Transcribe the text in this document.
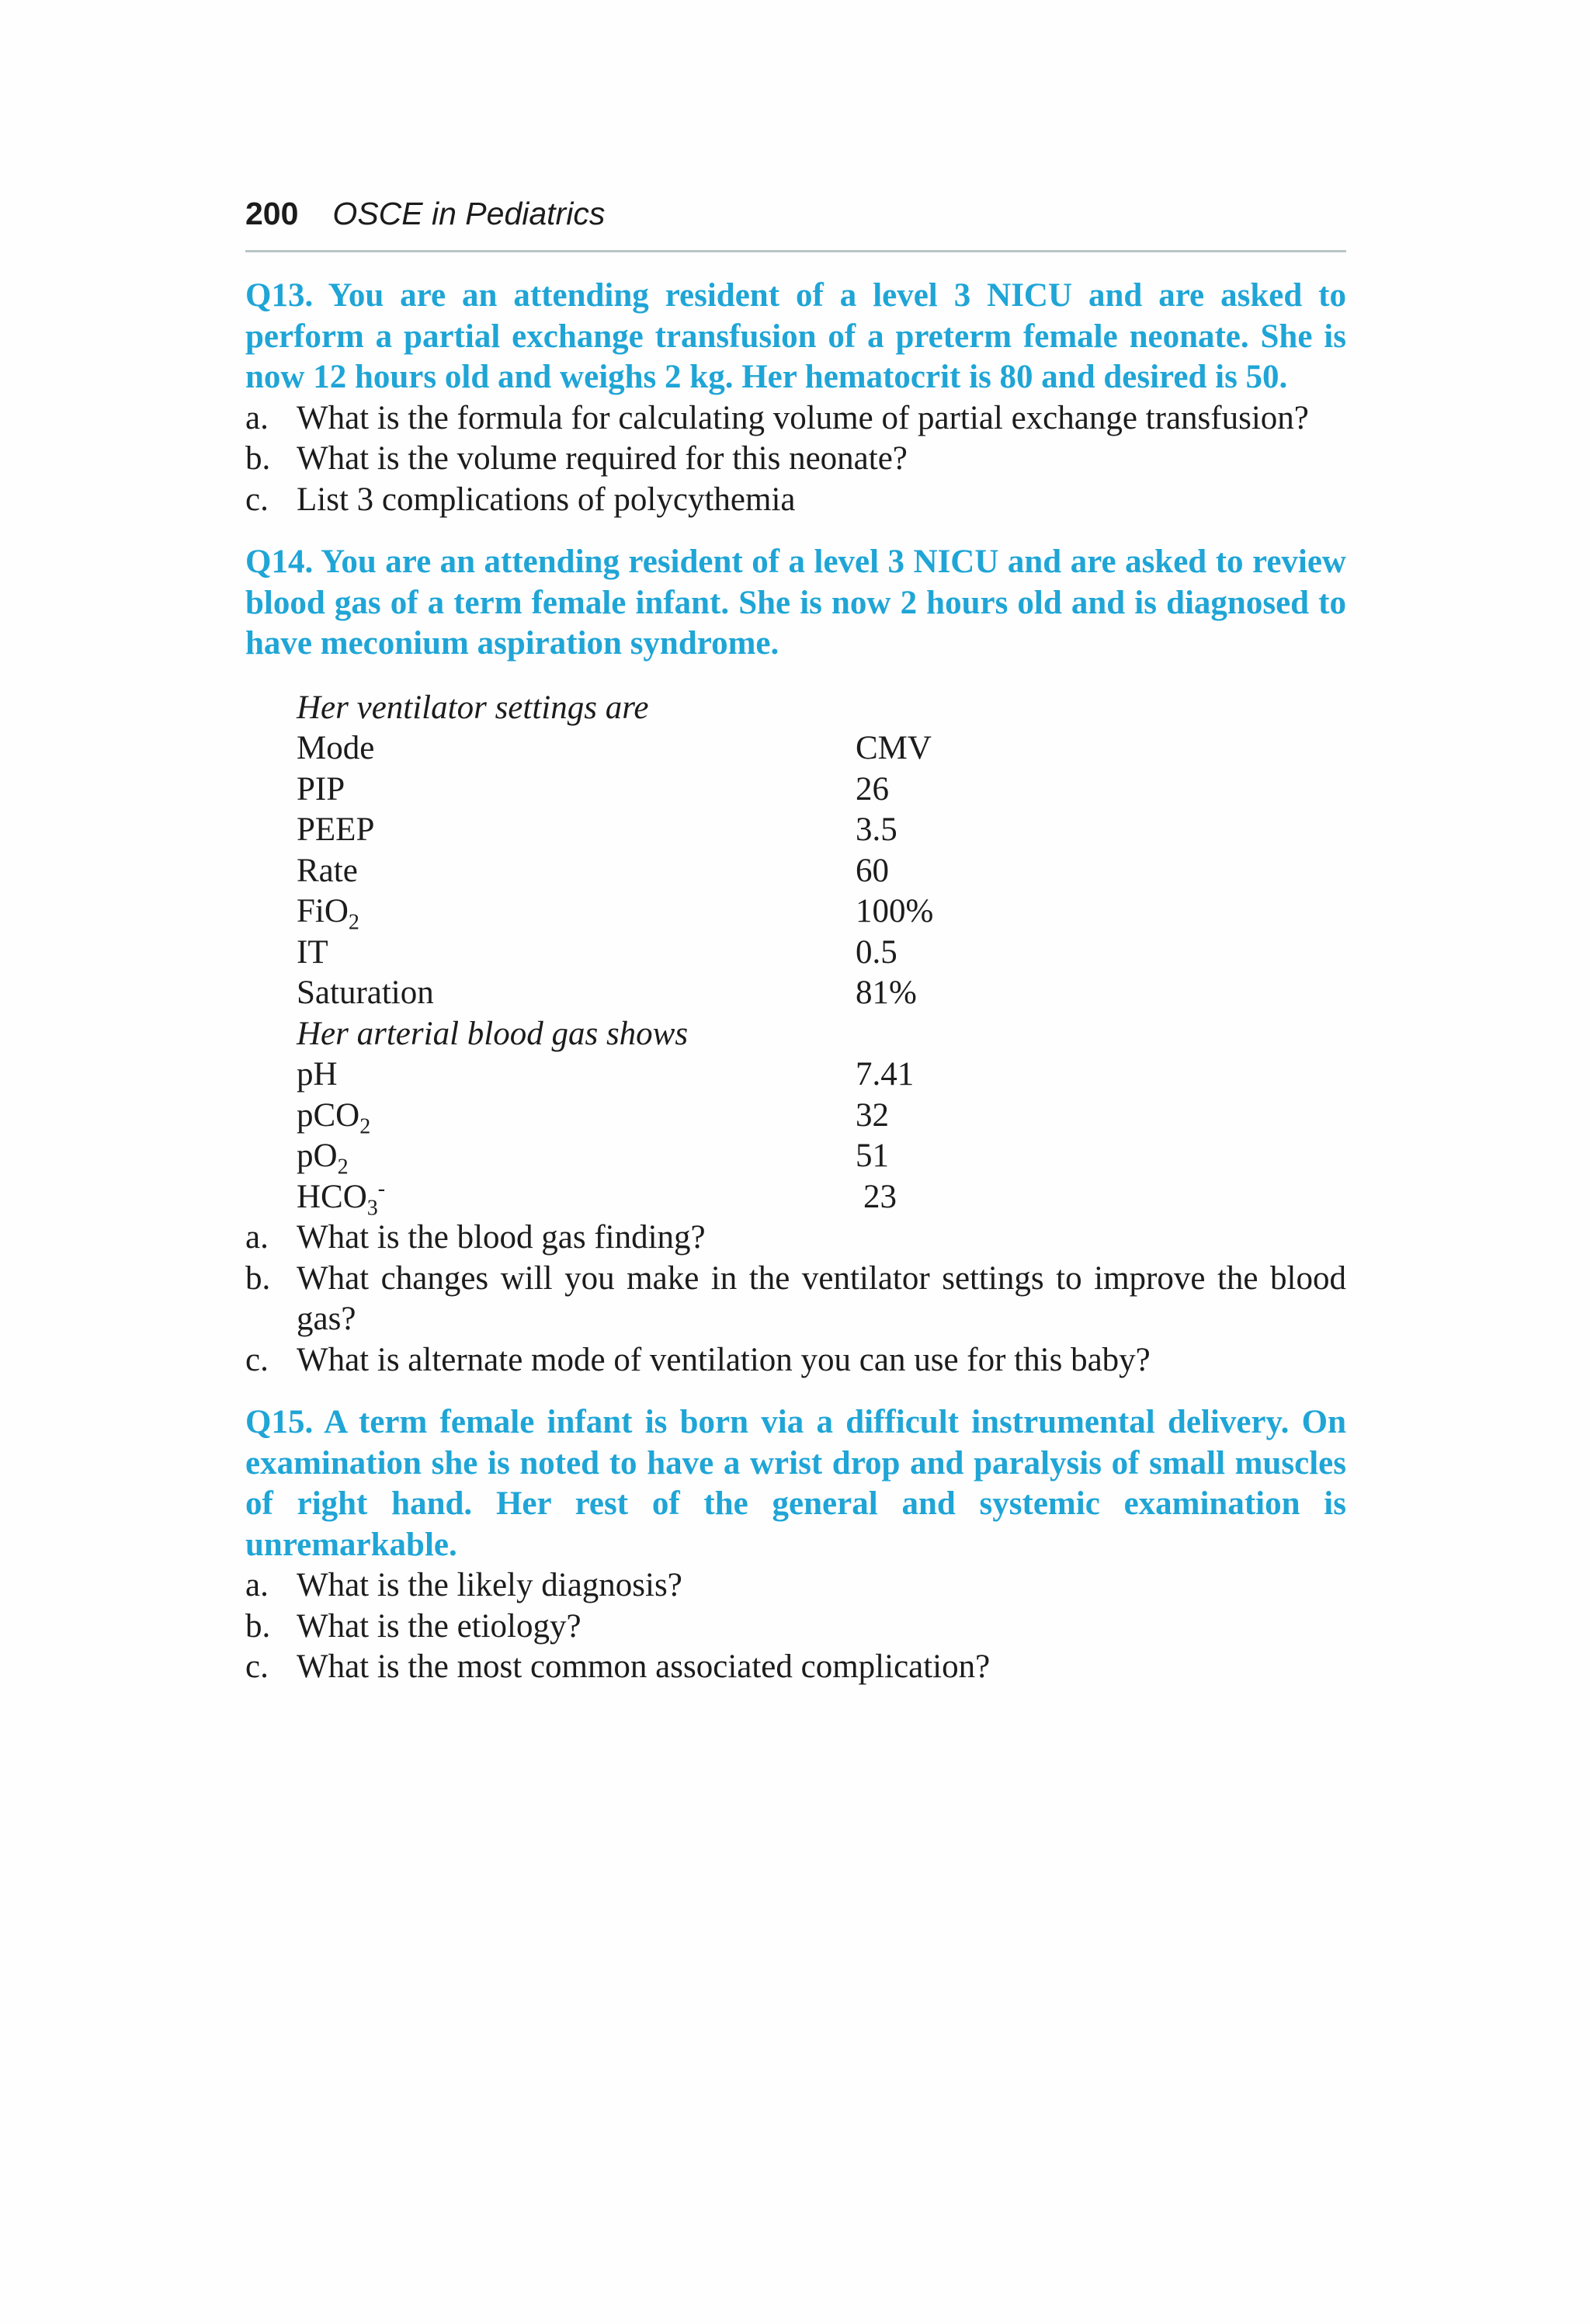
200 OSCE in Pediatrics

Q13. You are an attending resident of a level 3 NICU and are asked to perform a partial exchange transfusion of a preterm female neonate. She is now 12 hours old and weighs 2 kg. Her hematocrit is 80 and desired is 50.

a. What is the formula for calculating volume of partial exchange transfusion?
b. What is the volume required for this neonate?
c. List 3 complications of polycythemia

Q14. You are an attending resident of a level 3 NICU and are asked to review blood gas of a term female infant. She is now 2 hours old and is diagnosed to have meconium aspiration syndrome.

Her ventilator settings are
Mode	CMV
PIP	26
PEEP	3.5
Rate	60
FiO$_2$	100%
IT	0.5
Saturation	81%
Her arterial blood gas shows
pH	7.41
pCO$_2$	32
$pO_2$	51
$HCO_3^-$	23
a. What is the blood gas finding?
b. What changes will you make in the ventilator settings to improve the blood gas?
c. What is alternate mode of ventilation you can use for this baby?

Q15. A term female infant is born via a difficult instrumental delivery. On examination she is noted to have a wrist drop and paralysis of small muscles of right hand. Her rest of the general and systemic examination is unremarkable.

a. What is the likely diagnosis?
b. What is the etiology?
c. What is the most common associated complication?
